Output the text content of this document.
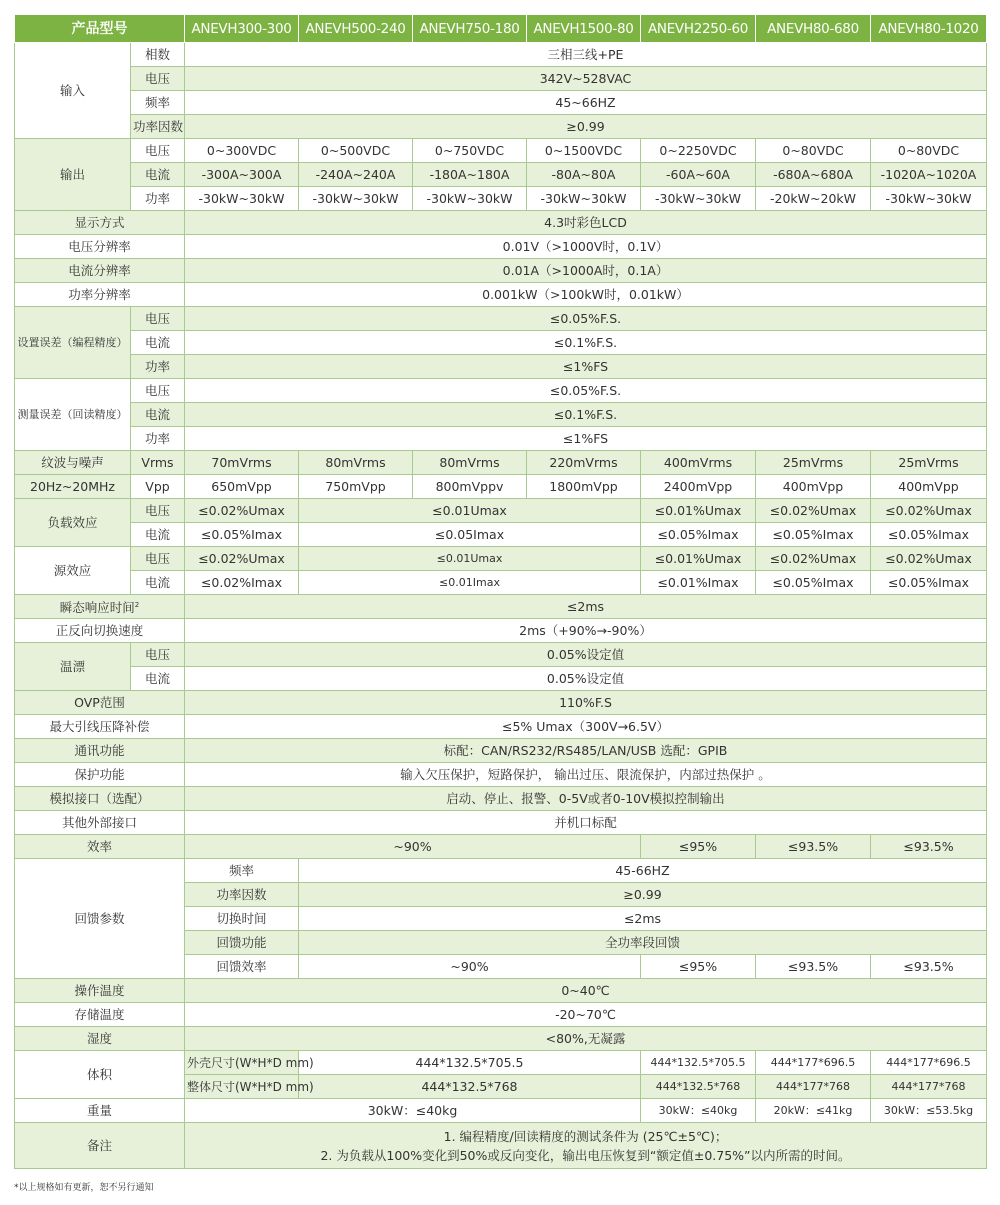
产品型号		ANEVH300-300	ANEVH500-240	ANEVH750-180	ANEVH1500-80	ANEVH2250-60	ANEVH80-680	ANEVH80-1020
输入	相数	三相三线+PE						
	电压	342V~528VAC						
	频率	45~66HZ						
	功率因数	≥0.99						
输出	电压	0~300VDC	0~500VDC	0~750VDC	0~1500VDC	0~2250VDC	0~80VDC	0~80VDC
	电流	-300A~300A	-240A~240A	-180A~180A	-80A~80A	-60A~60A	-680A~680A	-1020A~1020A
	功率	-30kW~30kW	-30kW~30kW	-30kW~30kW	-30kW~30kW	-30kW~30kW	-20kW~20kW	-30kW~30kW
显示方式		4.3吋彩色LCD						
电压分辨率		0.01V（>1000V时，0.1V）						
电流分辨率		0.01A（>1000A时，0.1A）						
功率分辨率		0.001kW（>100kW时，0.01kW）						
设置误差（编程精度）	电压	≤0.05%F.S.						
	电流	≤0.1%F.S.						
	功率	≤1%FS						
测量误差（回读精度）	电压	≤0.05%F.S.						
	电流	≤0.1%F.S.						
	功率	≤1%FS						
纹波与噪声	Vrms	70mVrms	80mVrms	80mVrms	220mVrms	400mVrms	25mVrms	25mVrms
20Hz~20MHz	Vpp	650mVpp	750mVpp	800mVppv	1800mVpp	2400mVpp	400mVpp	400mVpp
负载效应	电压	≤0.02%Umax	≤0.01Umax			≤0.01%Umax	≤0.02%Umax	≤0.02%Umax
	电流	≤0.05%Imax	≤0.05Imax			≤0.05%Imax	≤0.05%Imax	≤0.05%Imax
源效应	电压	≤0.02%Umax	≤0.01Umax			≤0.01%Umax	≤0.02%Umax	≤0.02%Umax
	电流	≤0.02%Imax	≤0.01Imax			≤0.01%Imax	≤0.05%Imax	≤0.05%Imax
瞬态响应时间$^2$		≤2ms						
正反向切换速度		2ms（+90%→-90%）						
温漂	电压	0.05%设定值						
	电流	0.05%设定值						
OVP范围		110%F.S						
最大引线压降补偿		≤5% Umax（300V→6.5V）						
通讯功能		标配：CAN/RS232/RS485/LAN/USB 选配：GPIB						
保护功能		输入欠压保护，短路保护， 输出过压、限流保护，内部过热保护 。						
模拟接口（选配）		启动、停止、报警、0-5V或者0-10V模拟控制输出						
其他外部接口		并机口标配						
效率		~90%				≤95%	≤93.5%	≤93.5%
回馈参数		频率	45-66HZ					
		功率因数	≥0.99					
		切换时间	≤2ms					
		回馈功能	全功率段回馈					
		回馈效率	~90%			≤95%	≤93.5%	≤93.5%
操作温度		0~40℃						
存储温度		-20~70℃						
湿度		<80%,无凝露						
体积		外壳尺寸(W*H*D mm)	444*132.5*705.5			444*132.5*705.5	444*177*696.5	444*177*696.5
		整体尺寸(W*H*D mm)	444*132.5*768			444*132.5*768	444*177*768	444*177*768
重量		30kW：≤40kg				30kW：≤40kg	20kW：≤41kg	30kW：≤53.5kg
备注		1. 编程精度/回读精度的测试条件为 (25℃±5℃)；
2. 为负载从100%变化到50%或反向变化，输出电压恢复到“额定值±0.75%”以内所需的时间。						
*以上规格如有更新，恕不另行通知
